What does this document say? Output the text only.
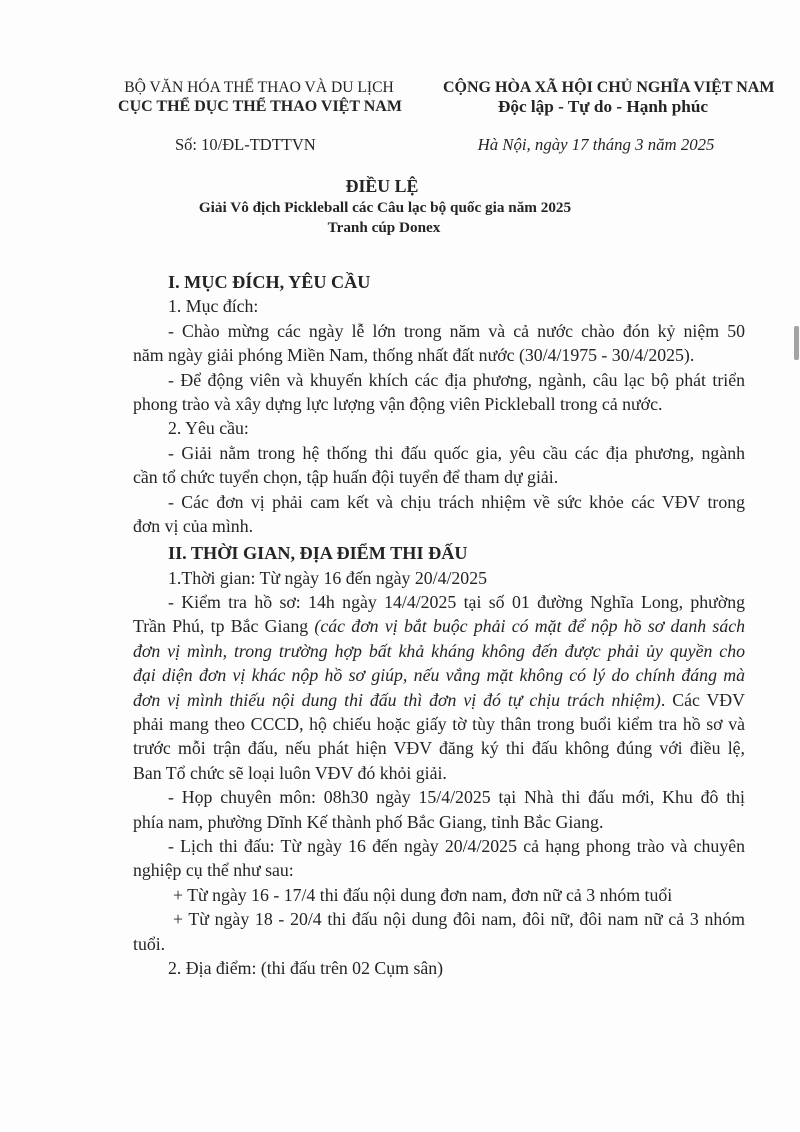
BỘ VĂN HÓA THỂ THAO VÀ DU LỊCH
CỤC THỂ DỤC THỂ THAO VIỆT NAM
Số: 10/ĐL-TDTTVN
CỘNG HÒA XÃ HỘI CHỦ NGHĨA VIỆT NAM
Độc lập - Tự do - Hạnh phúc
Hà Nội, ngày 17 tháng 3 năm 2025
ĐIỀU LỆ
Giải Vô địch Pickleball các Câu lạc bộ quốc gia năm 2025
Tranh cúp Donex
I. MỤC ĐÍCH, YÊU CẦU
1. Mục đích:
- Chào mừng các ngày lễ lớn trong năm và cả nước chào đón kỷ niệm 50
năm ngày giải phóng Miền Nam, thống nhất đất nước (30/4/1975 - 30/4/2025).
- Để động viên và khuyến khích các địa phương, ngành, câu lạc bộ phát triển
phong trào và xây dựng lực lượng vận động viên Pickleball trong cả nước.
2. Yêu cầu:
- Giải nằm trong hệ thống thi đấu quốc gia, yêu cầu các địa phương, ngành
cần tổ chức tuyển chọn, tập huấn đội tuyển để tham dự giải.
- Các đơn vị phải cam kết và chịu trách nhiệm về sức khỏe các VĐV trong
đơn vị của mình.
II. THỜI GIAN, ĐỊA ĐIỂM THI ĐẤU
1.Thời gian: Từ ngày 16 đến ngày 20/4/2025
- Kiểm tra hồ sơ: 14h ngày 14/4/2025 tại số 01 đường Nghĩa Long, phường
Trần Phú, tp Bắc Giang (các đơn vị bắt buộc phải có mặt để nộp hồ sơ danh sách
đơn vị mình, trong trường hợp bất khả kháng không đến được phải ủy quyền cho
đại diện đơn vị khác nộp hồ sơ giúp, nếu vắng mặt không có lý do chính đáng mà
đơn vị mình thiếu nội dung thi đấu thì đơn vị đó tự chịu trách nhiệm). Các VĐV
phải mang theo CCCD, hộ chiếu hoặc giấy tờ tùy thân trong buổi kiểm tra hồ sơ và
trước mỗi trận đấu, nếu phát hiện VĐV đăng ký thi đấu không đúng với điều lệ,
Ban Tổ chức sẽ loại luôn VĐV đó khỏi giải.
- Họp chuyên môn: 08h30 ngày 15/4/2025 tại Nhà thi đấu mới, Khu đô thị
phía nam, phường Dĩnh Kế thành phố Bắc Giang, tỉnh Bắc Giang.
- Lịch thi đấu: Từ ngày 16 đến ngày 20/4/2025 cả hạng phong trào và chuyên
nghiệp cụ thể như sau:
+ Từ ngày 16 - 17/4 thi đấu nội dung đơn nam, đơn nữ cả 3 nhóm tuổi
+ Từ ngày 18 - 20/4 thi đấu nội dung đôi nam, đôi nữ, đôi nam nữ cả 3 nhóm
tuổi.
2. Địa điểm: (thi đấu trên 02 Cụm sân)
